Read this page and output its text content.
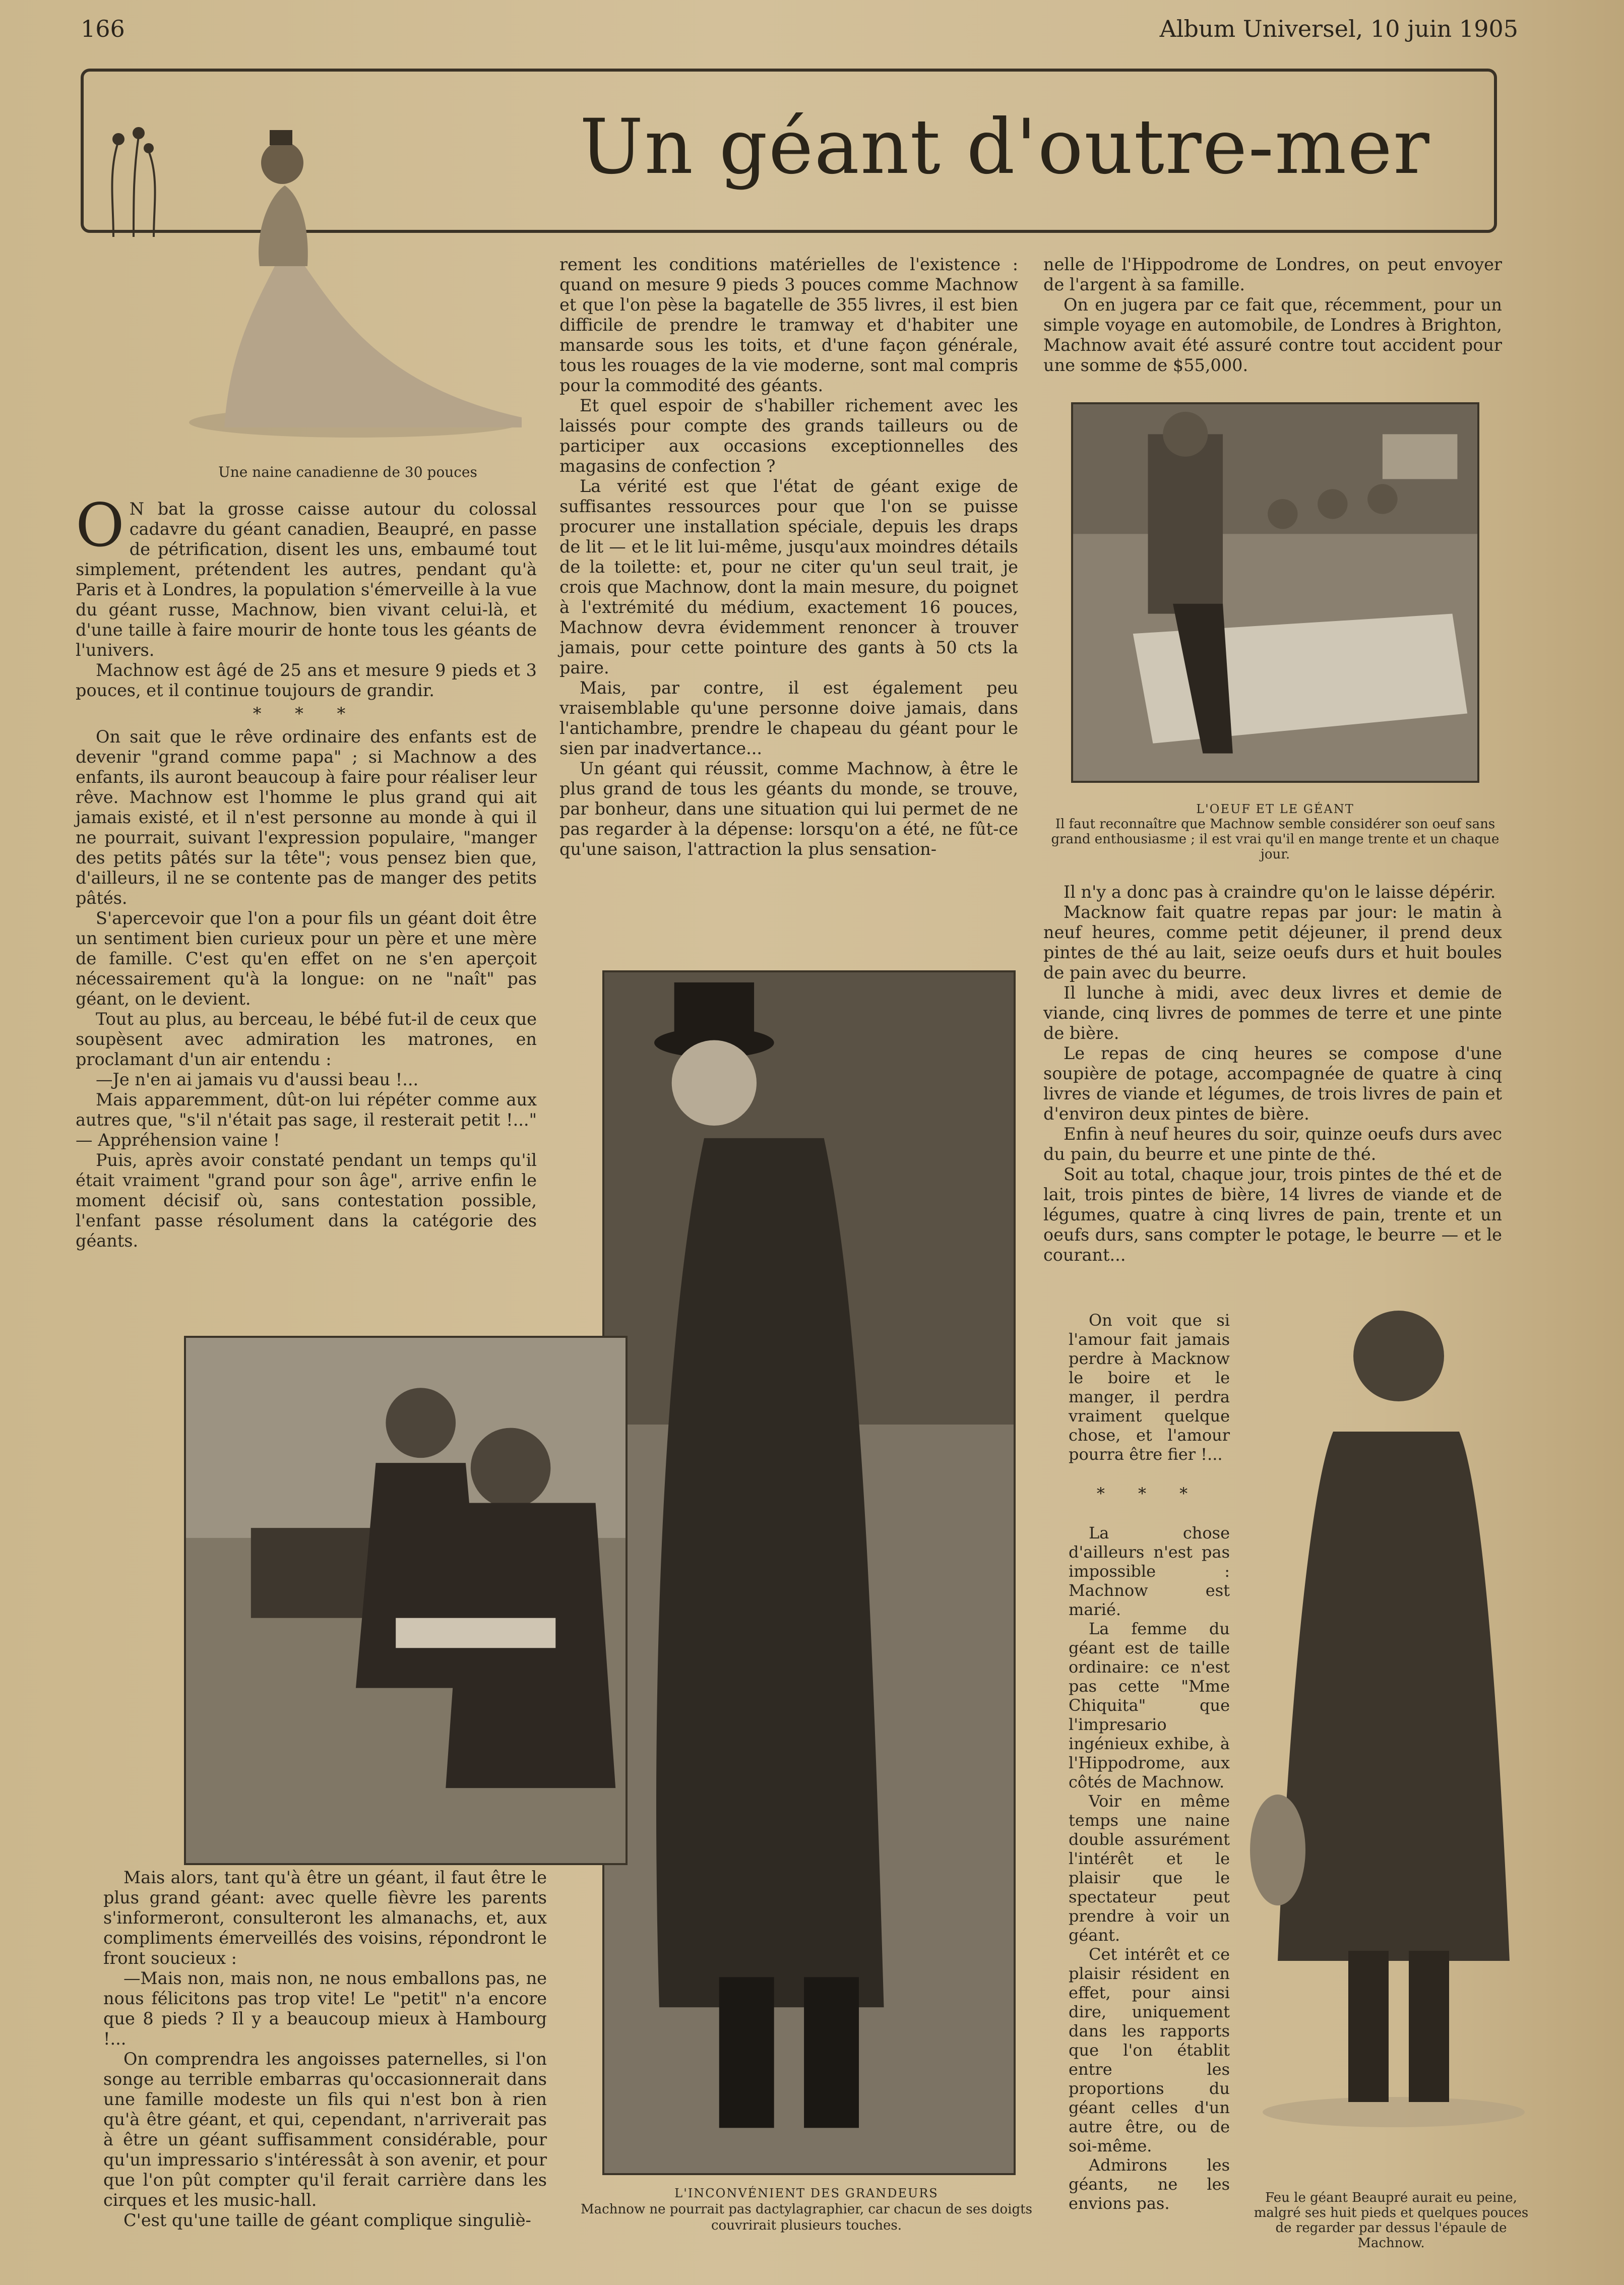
166	Album Universel, 10 juin 1905
Un géant d'outre-mer
Une naine canadienne de 30 pouces

O N bat la grosse caisse autour du colossal cadavre du géant canadien, Beaupré, en passe de pétrification, disent les uns, embaumé tout simplement, prétendent les autres, pendant qu'à Paris et à Londres, la population s'émerveille à la vue du géant russe, Machnow, bien vivant celui-là, et d'une taille à faire mourir de honte tous les géants de l'univers.

Machnow est âgé de 25 ans et mesure 9 pieds et 3 pouces, et il continue toujours de grandir.

* * *

On sait que le rêve ordinaire des enfants est de devenir "grand comme papa" ; si Machnow a des enfants, ils auront beaucoup à faire pour réaliser leur rêve. Machnow est l'homme le plus grand qui ait jamais existé, et il n'est personne au monde à qui il ne pourrait, suivant l'expression populaire, "manger des petits pâtés sur la tête"; vous pensez bien que, d'ailleurs, il ne se contente pas de manger des petits pâtés.

S'apercevoir que l'on a pour fils un géant doit être un sentiment bien curieux pour un père et une mère de famille. C'est qu'en effet on ne s'en aperçoit nécessairement qu'à la longue: on ne "naît" pas géant, on le devient.

Tout au plus, au berceau, le bébé fut-il de ceux que soupèsent avec admiration les matrones, en proclamant d'un air entendu :

—Je n'en ai jamais vu d'aussi beau !...

Mais apparemment, dût-on lui répéter comme aux autres que, "s'il n'était pas sage, il resterait petit !..." — Appréhension vaine !

Puis, après avoir constaté pendant un temps qu'il était vraiment "grand pour son âge", arrive enfin le moment décisif où, sans contestation possible, l'enfant passe résolument dans la catégorie des géants.

rement les conditions matérielles de l'existence : quand on mesure 9 pieds 3 pouces comme Machnow et que l'on pèse la bagatelle de 355 livres, il est bien difficile de prendre le tramway et d'habiter une mansarde sous les toits, et d'une façon générale, tous les rouages de la vie moderne, sont mal compris pour la commodité des géants.

Et quel espoir de s'habiller richement avec les laissés pour compte des grands tailleurs ou de participer aux occasions exceptionnelles des magasins de confection ?

La vérité est que l'état de géant exige de suffisantes ressources pour que l'on se puisse procurer une installation spéciale, depuis les draps de lit — et le lit lui-même, jusqu'aux moindres détails de la toilette: et, pour ne citer qu'un seul trait, je crois que Machnow, dont la main mesure, du poignet à l'extrémité du médium, exactement 16 pouces, Machnow devra évidemment renoncer à trouver jamais, pour cette pointure des gants à 50 cts la paire.

Mais, par contre, il est également peu vraisemblable qu'une personne doive jamais, dans l'antichambre, prendre le chapeau du géant pour le sien par inadvertance...

Un géant qui réussit, comme Machnow, à être le plus grand de tous les géants du monde, se trouve, par bonheur, dans une situation qui lui permet de ne pas regarder à la dépense: lorsqu'on a été, ne fût-ce qu'une saison, l'attraction la plus sensation-

nelle de l'Hippodrome de Londres, on peut envoyer de l'argent à sa famille.

On en jugera par ce fait que, récemment, pour un simple voyage en automobile, de Londres à Brighton, Machnow avait été assuré contre tout accident pour une somme de $55,000.

L'OEUF ET LE GÉANT
Il faut reconnaître que Machnow semble considérer son oeuf sans grand enthousiasme ; il est vrai qu'il en mange trente et un chaque jour.

Il n'y a donc pas à craindre qu'on le laisse dépérir.

Macknow fait quatre repas par jour: le matin à neuf heures, comme petit déjeuner, il prend deux pintes de thé au lait, seize oeufs durs et huit boules de pain avec du beurre.

Il lunche à midi, avec deux livres et demie de viande, cinq livres de pommes de terre et une pinte de bière.

Le repas de cinq heures se compose d'une soupière de potage, accompagnée de quatre à cinq livres de viande et légumes, de trois livres de pain et d'environ deux pintes de bière.

Enfin à neuf heures du soir, quinze oeufs durs avec du pain, du beurre et une pinte de thé.

Soit au total, chaque jour, trois pintes de thé et de lait, trois pintes de bière, 14 livres de viande et de légumes, quatre à cinq livres de pain, trente et un oeufs durs, sans compter le potage, le beurre — et le courant...

On voit que si l'amour fait jamais perdre à Macknow le boire et le manger, il perdra vraiment quelque chose, et l'amour pourra être fier !...

* * *

La chose d'ailleurs n'est pas impossible : Machnow est marié.

La femme du géant est de taille ordinaire: ce n'est pas cette "Mme Chiquita" que l'impresario ingénieux exhibe, à l'Hippodrome, aux côtés de Machnow.

Voir en même temps une naine double assurément l'intérêt et le plaisir que le spectateur peut prendre à voir un géant.

Cet intérêt et ce plaisir résident en effet, pour ainsi dire, uniquement dans les rapports que l'on établit entre les proportions du géant celles d'un autre être, ou de soi-même.

Admirons les géants, ne les envions pas.	Feu le géant Beaupré aurait eu peine, malgré ses huit pieds et quelques pouces de regarder par dessus l'épaule de Machnow.
L'INCONVÉNIENT DES GRANDEURS
Machnow ne pourrait pas dactylagraphier, car chacun de ses doigts couvrirait plusieurs touches.

Mais alors, tant qu'à être un géant, il faut être le plus grand géant: avec quelle fièvre les parents s'informeront, consulteront les almanachs, et, aux compliments émerveillés des voisins, répondront le front soucieux :

—Mais non, mais non, ne nous emballons pas, ne nous félicitons pas trop vite! Le "petit" n'a encore que 8 pieds ? Il y a beaucoup mieux à Hambourg !...

On comprendra les angoisses paternelles, si l'on songe au terrible embarras qu'occasionnerait dans une famille modeste un fils qui n'est bon à rien qu'à être géant, et qui, cependant, n'arriverait pas à être un géant suffisamment considérable, pour qu'un impressario s'intéressât à son avenir, et pour que l'on pût compter qu'il ferait carrière dans les cirques et les music-hall.

C'est qu'une taille de géant complique singuliè-
